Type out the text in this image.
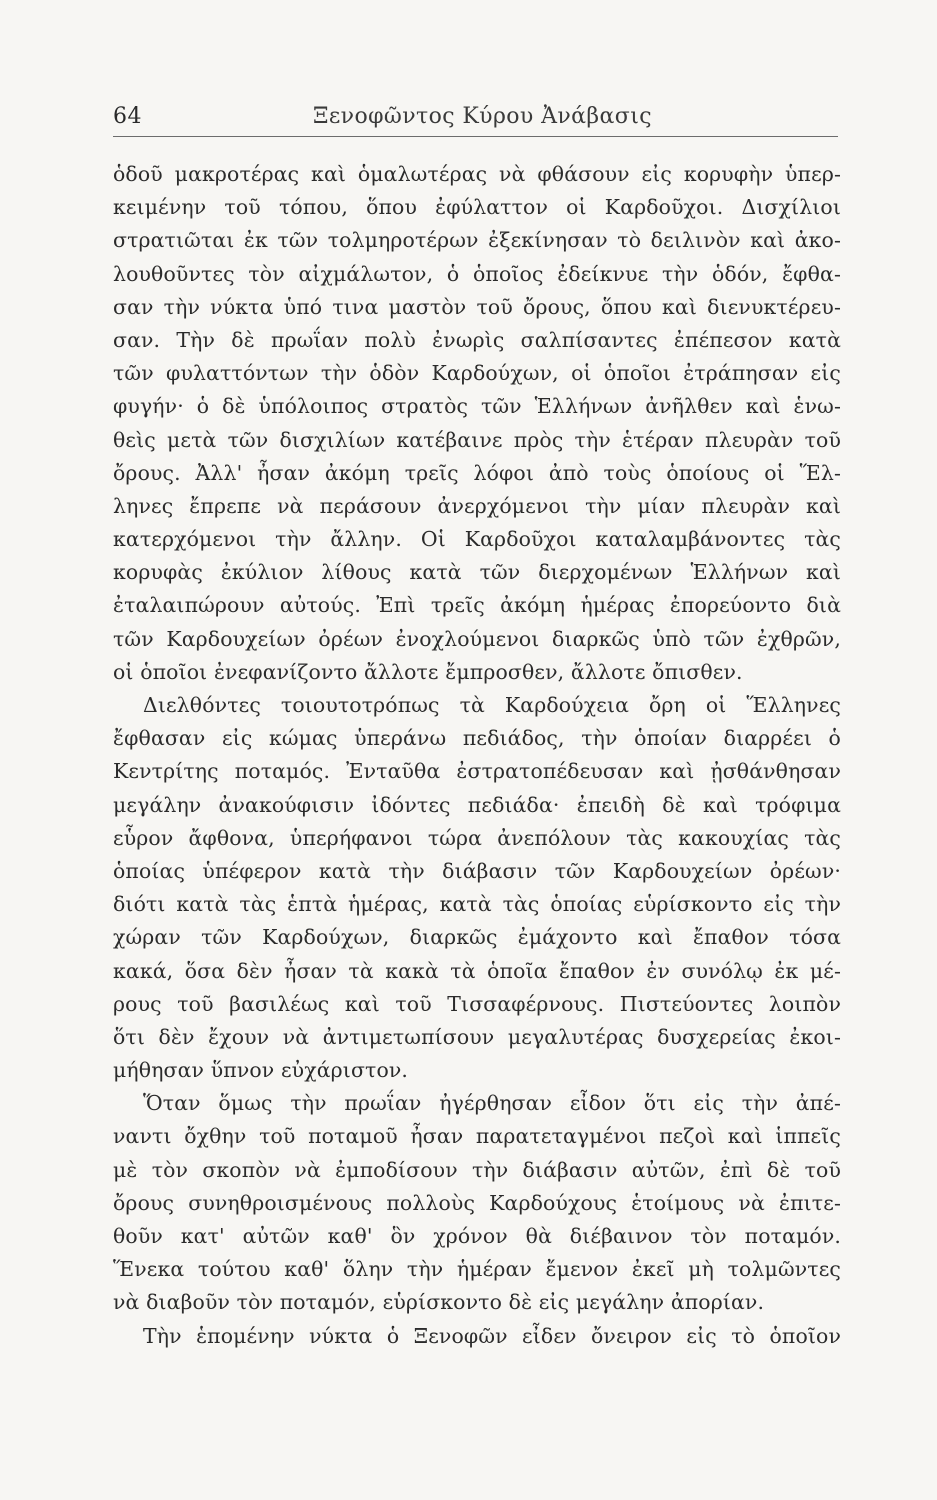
64	Ξενοφῶντος Κύρου Ἀνάβασις
ὁδοῦ μακροτέρας καὶ ὁμαλωτέρας νὰ φθάσουν εἰς κορυφὴν ὑπερ-
κειμένην τοῦ τόπου, ὅπου ἐφύλαττον οἱ Καρδοῦχοι. Δισχίλιοι
στρατιῶται ἐκ τῶν τολμηροτέρων ἐξεκίνησαν τὸ δειλινὸν καὶ ἀκο-
λουθοῦντες τὸν αἰχμάλωτον, ὁ ὁποῖος ἐδείκνυε τὴν ὁδόν, ἔφθα-
σαν τὴν νύκτα ὑπό τινα μαστὸν τοῦ ὄρους, ὅπου καὶ διενυκτέρευ-
σαν. Τὴν δὲ πρωΐαν πολὺ ἐνωρὶς σαλπίσαντες ἐπέπεσον κατὰ
τῶν φυλαττόντων τὴν ὁδὸν Καρδούχων, οἱ ὁποῖοι ἐτράπησαν εἰς
φυγήν· ὁ δὲ ὑπόλοιπος στρατὸς τῶν Ἑλλήνων ἀνῆλθεν καὶ ἑνω-
θεὶς μετὰ τῶν δισχιλίων κατέβαινε πρὸς τὴν ἑτέραν πλευρὰν τοῦ
ὄρους. Ἀλλ' ἦσαν ἀκόμη τρεῖς λόφοι ἀπὸ τοὺς ὁποίους οἱ Ἕλ-
ληνες ἔπρεπε νὰ περάσουν ἀνερχόμενοι τὴν μίαν πλευρὰν καὶ
κατερχόμενοι τὴν ἄλλην. Οἱ Καρδοῦχοι καταλαμβάνοντες τὰς
κορυφὰς ἐκύλιον λίθους κατὰ τῶν διερχομένων Ἑλλήνων καὶ
ἐταλαιπώρουν αὐτούς. Ἐπὶ τρεῖς ἀκόμη ἡμέρας ἐπορεύοντο διὰ
τῶν Καρδουχείων ὀρέων ἐνοχλούμενοι διαρκῶς ὑπὸ τῶν ἐχθρῶν,
οἱ ὁποῖοι ἐνεφανίζοντο ἄλλοτε ἔμπροσθεν, ἄλλοτε ὄπισθεν.
Διελθόντες τοιουτοτρόπως τὰ Καρδούχεια ὄρη οἱ Ἕλληνες
ἔφθασαν εἰς κώμας ὑπεράνω πεδιάδος, τὴν ὁποίαν διαρρέει ὁ
Κεντρίτης ποταμός. Ἐνταῦθα ἐστρατοπέδευσαν καὶ ᾐσθάνθησαν
μεγάλην ἀνακούφισιν ἰδόντες πεδιάδα· ἐπειδὴ δὲ καὶ τρόφιμα
εὗρον ἄφθονα, ὑπερήφανοι τώρα ἀνεπόλουν τὰς κακουχίας τὰς
ὁποίας ὑπέφερον κατὰ τὴν διάβασιν τῶν Καρδουχείων ὀρέων·
διότι κατὰ τὰς ἑπτὰ ἡμέρας, κατὰ τὰς ὁποίας εὑρίσκοντο εἰς τὴν
χώραν τῶν Καρδούχων, διαρκῶς ἐμάχοντο καὶ ἔπαθον τόσα
κακά, ὅσα δὲν ἦσαν τὰ κακὰ τὰ ὁποῖα ἔπαθον ἐν συνόλῳ ἐκ μέ-
ρους τοῦ βασιλέως καὶ τοῦ Τισσαφέρνους. Πιστεύοντες λοιπὸν
ὅτι δὲν ἔχουν νὰ ἀντιμετωπίσουν μεγαλυτέρας δυσχερείας ἐκοι-
μήθησαν ὕπνον εὐχάριστον.
Ὅταν ὅμως τὴν πρωΐαν ἠγέρθησαν εἶδον ὅτι εἰς τὴν ἀπέ-
ναντι ὄχθην τοῦ ποταμοῦ ἦσαν παρατεταγμένοι πεζοὶ καὶ ἱππεῖς
μὲ τὸν σκοπὸν νὰ ἐμποδίσουν τὴν διάβασιν αὐτῶν, ἐπὶ δὲ τοῦ
ὄρους συνηθροισμένους πολλοὺς Καρδούχους ἑτοίμους νὰ ἐπιτε-
θοῦν κατ' αὐτῶν καθ' ὃν χρόνον θὰ διέβαινον τὸν ποταμόν.
Ἕνεκα τούτου καθ' ὅλην τὴν ἡμέραν ἔμενον ἐκεῖ μὴ τολμῶντες
νὰ διαβοῦν τὸν ποταμόν, εὑρίσκοντο δὲ εἰς μεγάλην ἀπορίαν.
Τὴν ἑπομένην νύκτα ὁ Ξενοφῶν εἶδεν ὄνειρον εἰς τὸ ὁποῖον
